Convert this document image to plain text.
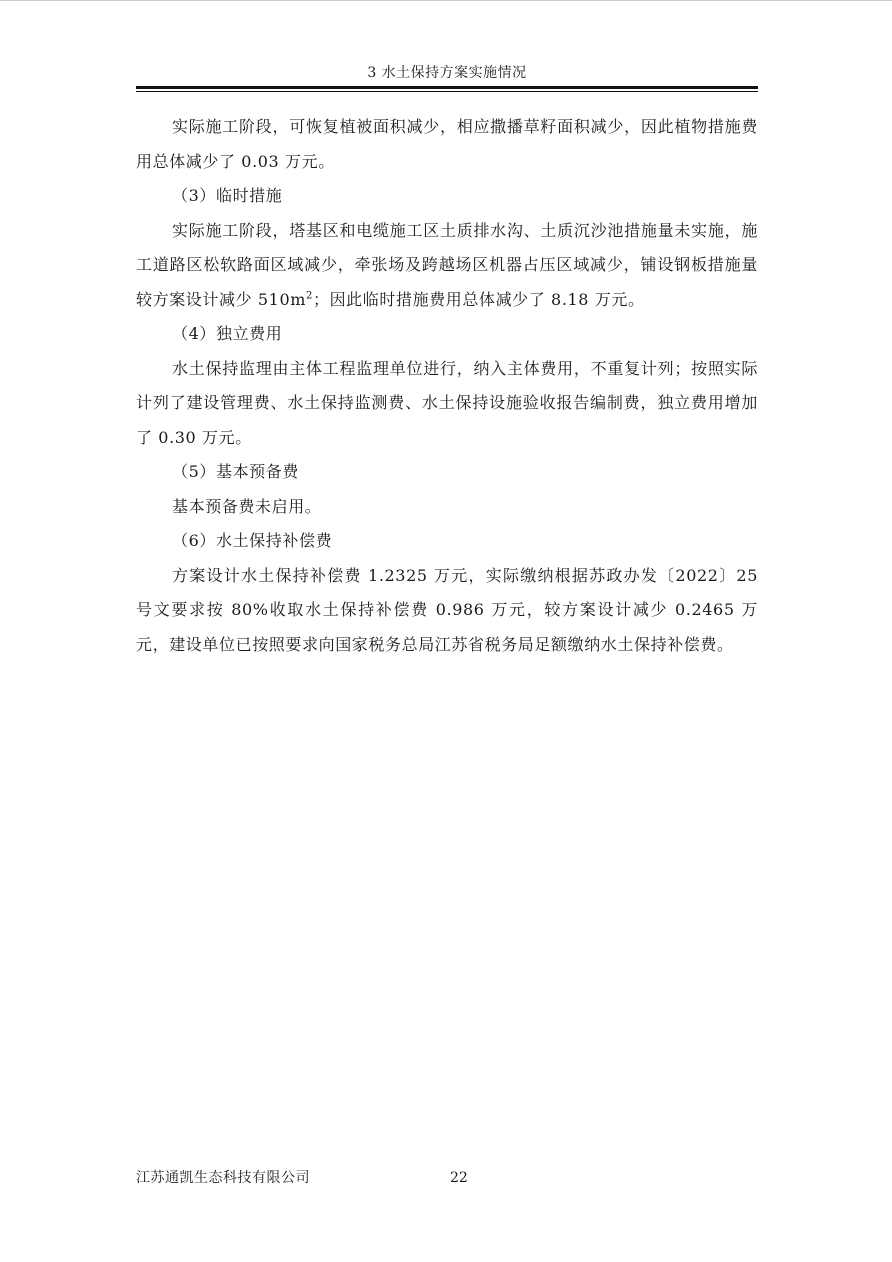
3 水土保持方案实施情况

实际施工阶段，可恢复植被面积减少，相应撒播草籽面积减少，因此植物措施费用总体减少了 0.03 万元。

（3）临时措施

实际施工阶段，塔基区和电缆施工区土质排水沟、土质沉沙池措施量未实施，施工道路区松软路面区域减少，牵张场及跨越场区机器占压区域减少，铺设钢板措施量较方案设计减少 $510m^2$；因此临时措施费用总体减少了 8.18 万元。

（4）独立费用

水土保持监理由主体工程监理单位进行，纳入主体费用，不重复计列；按照实际计列了建设管理费、水土保持监测费、水土保持设施验收报告编制费，独立费用增加了 0.30 万元。

（5）基本预备费

基本预备费未启用。

（6）水土保持补偿费

方案设计水土保持补偿费 1.2325 万元，实际缴纳根据苏政办发〔2022〕25 号文要求按 80%收取水土保持补偿费 0.986 万元，较方案设计减少 0.2465 万元，建设单位已按照要求向国家税务总局江苏省税务局足额缴纳水土保持补偿费。

江苏通凯生态科技有限公司	22
